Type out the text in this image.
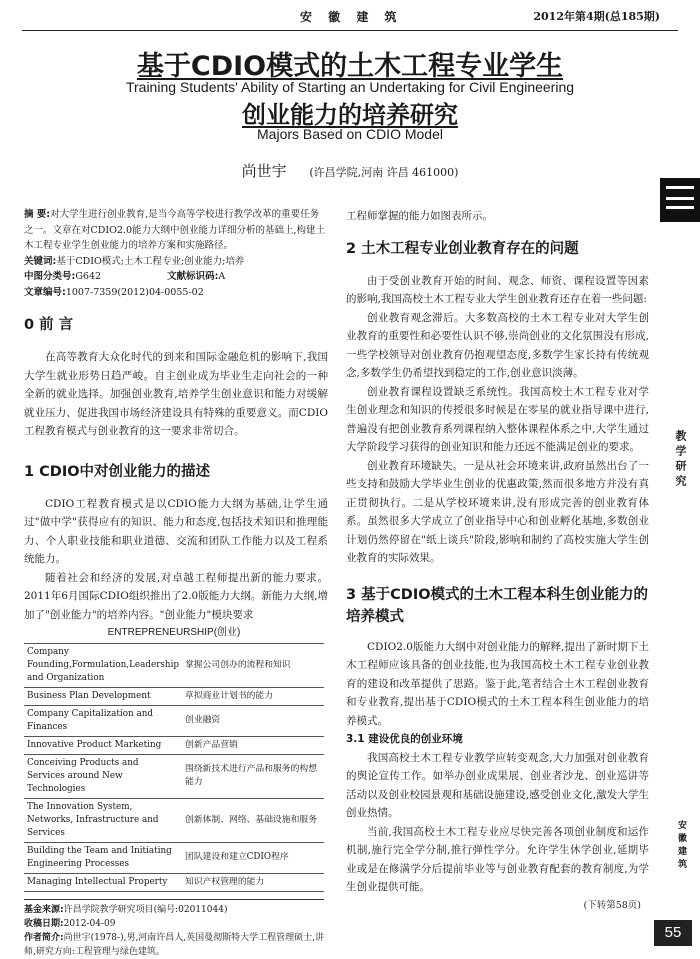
安 徽 建 筑	2012年第4期(总185期)
基于CDIO模式的土木工程专业学生
Training Students' Ability of Starting an Undertaking for Civil Engineering
创业能力的培养研究
Majors Based on CDIO Model
尚世宇 (许昌学院,河南 许昌 461000)
摘 要:对大学生进行创业教育,是当今高等学校进行教学改革的重要任务之一。文章在对CDIO2.0能力大纲中创业能力详细分析的基础上,构建土木工程专业学生创业能力的培养方案和实施路径。
关键词:基于CDIO模式;土木工程专业;创业能力;培养
中图分类号:G642	文献标识码:A
文章编号:1007-7359(2012)04-0055-02
0 前 言

在高等教育大众化时代的到来和国际金融危机的影响下,我国大学生就业形势日趋严峻。自主创业成为毕业生走向社会的一种全新的就业选择。加强创业教育,培养学生创业意识和能力对缓解就业压力、促进我国市场经济建设具有特殊的重要意义。而CDIO工程教育模式与创业教育的这一要求非常切合。

1 CDIO中对创业能力的描述

CDIO工程教育模式是以CDIO能力大纲为基础,让学生通过"做中学"获得应有的知识、能力和态度,包括技术知识和推理能力、个人职业技能和职业道德、交流和团队工作能力以及工程系统能力。

随着社会和经济的发展,对卓越工程师提出新的能力要求。2011年6月国际CDIO组织推出了2.0版能力大纲。新能力大纲,增加了"创业能力"的培养内容。"创业能力"模块要求

ENTREPRENEURSHIP(创业)
Company Founding,Formulation,Leadership and Organization	掌握公司创办的流程和知识
Business Plan Development	草拟商业计划书的能力
Company Capitalization and Finances	创业融资
Innovative Product Marketing	创新产品营销
Conceiving Products and Services around New Technologies	围绕新技术进行产品和服务的构想能力
The Innovation System, Networks, Infrastructure and Services	创新体制、网络、基础设施和服务
Building the Team and Initiating Engineering Processes	团队建设和建立CDIO程序
Managing Intellectual Property	知识产权管理的能力
基金来源:许昌学院教学研究项目(编号:02011044)
收稿日期:2012-04-09
作者简介:尚世宇(1978-),男,河南许昌人,英国曼彻斯特大学工程管理硕士,讲师,研究方向:工程管理与绿色建筑。

工程师掌握的能力如图表所示。

2 土木工程专业创业教育存在的问题

由于受创业教育开始的时间、观念、师资、课程设置等因素的影响,我国高校土木工程专业大学生创业教育还存在着一些问题:

创业教育观念滞后。大多数高校的土木工程专业对大学生创业教育的重要性和必要性认识不够,崇尚创业的文化氛围没有形成,一些学校领导对创业教育仍抱观望态度,多数学生家长持有传统观念,多数学生仍希望找到稳定的工作,创业意识淡薄。

创业教育课程设置缺乏系统性。我国高校土木工程专业对学生创业理念和知识的传授很多时候是在零星的就业指导课中进行,普遍没有把创业教育系列课程纳入整体课程体系之中,大学生通过大学阶段学习获得的创业知识和能力还远不能满足创业的要求。

创业教育环境缺失。一是从社会环境来讲,政府虽然出台了一些支持和鼓励大学毕业生创业的优惠政策,然而很多地方并没有真正贯彻执行。二是从学校环境来讲,没有形成完善的创业教育体系。虽然很多大学成立了创业指导中心和创业孵化基地,多数创业计划仍然停留在"纸上谈兵"阶段,影响和制约了高校实施大学生创业教育的实际效果。

3 基于CDIO模式的土木工程本科生创业能力的培养模式

CDIO2.0版能力大纲中对创业能力的解释,提出了新时期下土木工程师应该具备的创业技能,也为我国高校土木工程专业创业教育的建设和改革提供了思路。鉴于此,笔者结合土木工程创业教育和专业教育,提出基于CDIO模式的土木工程本科生创业能力的培养模式。

3.1 建设优良的创业环境

我国高校土木工程专业教学应转变观念,大力加强对创业教育的舆论宣传工作。如举办创业成果展、创业者沙龙、创业巡讲等活动以及创业校园景观和基础设施建设,感受创业文化,激发大学生创业热情。

当前,我国高校土木工程专业应尽快完善各项创业制度和运作机制,施行完全学分制,推行弹性学分。允许学生休学创业,延期毕业或是在修满学分后提前毕业等与创业教育配套的教育制度,为学生创业提供可能。

(下转第58页)
教学研究
安徽建筑
55
